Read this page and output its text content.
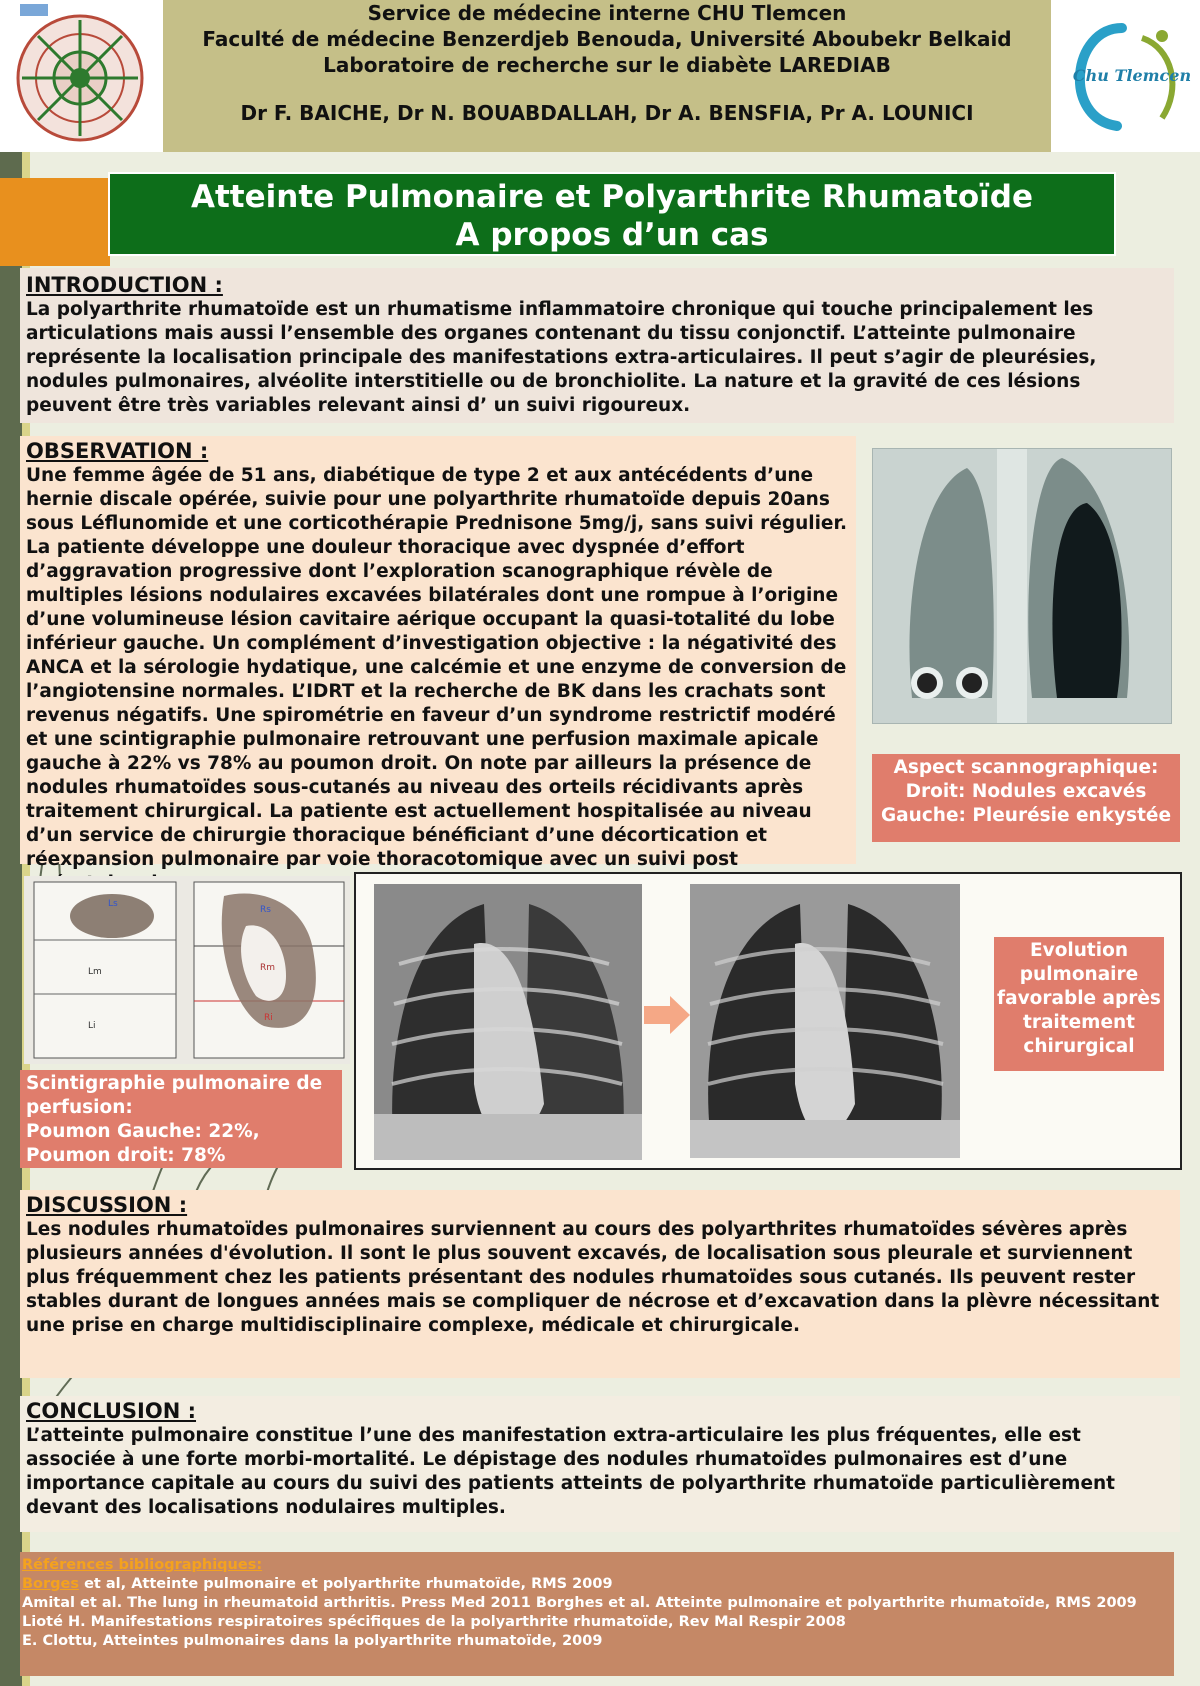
Service de médecine interne CHU Tlemcen
Faculté de médecine Benzerdjeb Benouda, Université Aboubekr Belkaid
Laboratoire de recherche sur le diabète LAREDIAB
Dr F. BAICHE, Dr N. BOUABDALLAH, Dr A. BENSFIA, Pr A. LOUNICI
Chu Tlemcen
Atteinte Pulmonaire et Polyarthrite Rhumatoïde
A propos d’un cas
INTRODUCTION :

La polyarthrite rhumatoïde est un rhumatisme inflammatoire chronique qui touche principalement les articulations mais aussi l’ensemble des organes contenant du tissu conjonctif. L’atteinte pulmonaire représente la localisation principale des manifestations extra-articulaires. Il peut s’agir de pleurésies, nodules pulmonaires, alvéolite interstitielle ou de bronchiolite. La nature et la gravité de ces lésions peuvent être très variables relevant ainsi d’ un suivi rigoureux.

OBSERVATION :

Une femme âgée de 51 ans, diabétique de type 2 et aux antécédents d’une hernie discale opérée, suivie pour une polyarthrite rhumatoïde depuis 20ans sous Léflunomide et une corticothérapie Prednisone 5mg/j, sans suivi régulier. La patiente développe une douleur thoracique avec dyspnée d’effort d’aggravation progressive dont l’exploration scanographique révèle de multiples lésions nodulaires excavées bilatérales dont une rompue à l’origine d’une volumineuse lésion cavitaire aérique occupant la quasi-totalité du lobe inférieur gauche. Un complément d’investigation objective : la négativité des ANCA et la sérologie hydatique, une calcémie et une enzyme de conversion de l’angiotensine normales. L’IDRT et la recherche de BK dans les crachats sont revenus négatifs. Une spirométrie en faveur d’un syndrome restrictif modéré et une scintigraphie pulmonaire retrouvant une perfusion maximale apicale gauche à 22% vs 78% au poumon droit. On note par ailleurs la présence de nodules rhumatoïdes sous-cutanés au niveau des orteils récidivants après traitement chirurgical. La patiente est actuellement hospitalisée au niveau d’un service de chirurgie thoracique bénéficiant d’une décortication et réexpansion pulmonaire par voie thoracotomique avec un suivi post

Aspect scannographique:
Droit: Nodules excavés
Gauche: Pleurésie enkystée
Ls
Lm
Li
Rs
Rm
Ri
Scintigraphie pulmonaire de perfusion:
Poumon Gauche: 22%,
Poumon droit: 78%
Evolution pulmonaire favorable après traitement chirurgical
DISCUSSION :

Les nodules rhumatoïdes pulmonaires surviennent au cours des polyarthrites rhumatoïdes sévères après plusieurs années d'évolution. Il sont le plus souvent excavés, de localisation sous pleurale et surviennent plus fréquemment chez les patients présentant des nodules rhumatoïdes sous cutanés. Ils peuvent rester stables durant de longues années mais se compliquer de nécrose et d’excavation dans la plèvre nécessitant une prise en charge multidisciplinaire complexe, médicale et chirurgicale.

CONCLUSION :

L’atteinte pulmonaire constitue l’une des manifestation extra-articulaire les plus fréquentes, elle est associée à une forte morbi-mortalité. Le dépistage des nodules rhumatoïdes pulmonaires est d’une importance capitale au cours du suivi des patients atteints de polyarthrite rhumatoïde particulièrement devant des localisations nodulaires multiples.

Références bibliographiques:
Borges et al, Atteinte pulmonaire et polyarthrite rhumatoïde, RMS 2009
Amital et al. The lung in rheumatoid arthritis. Press Med 2011 Borghes et al. Atteinte pulmonaire et polyarthrite rhumatoïde, RMS 2009
Lioté H. Manifestations respiratoires spécifiques de la polyarthrite rhumatoïde, Rev Mal Respir 2008
E. Clottu, Atteintes pulmonaires dans la polyarthrite rhumatoïde, 2009
